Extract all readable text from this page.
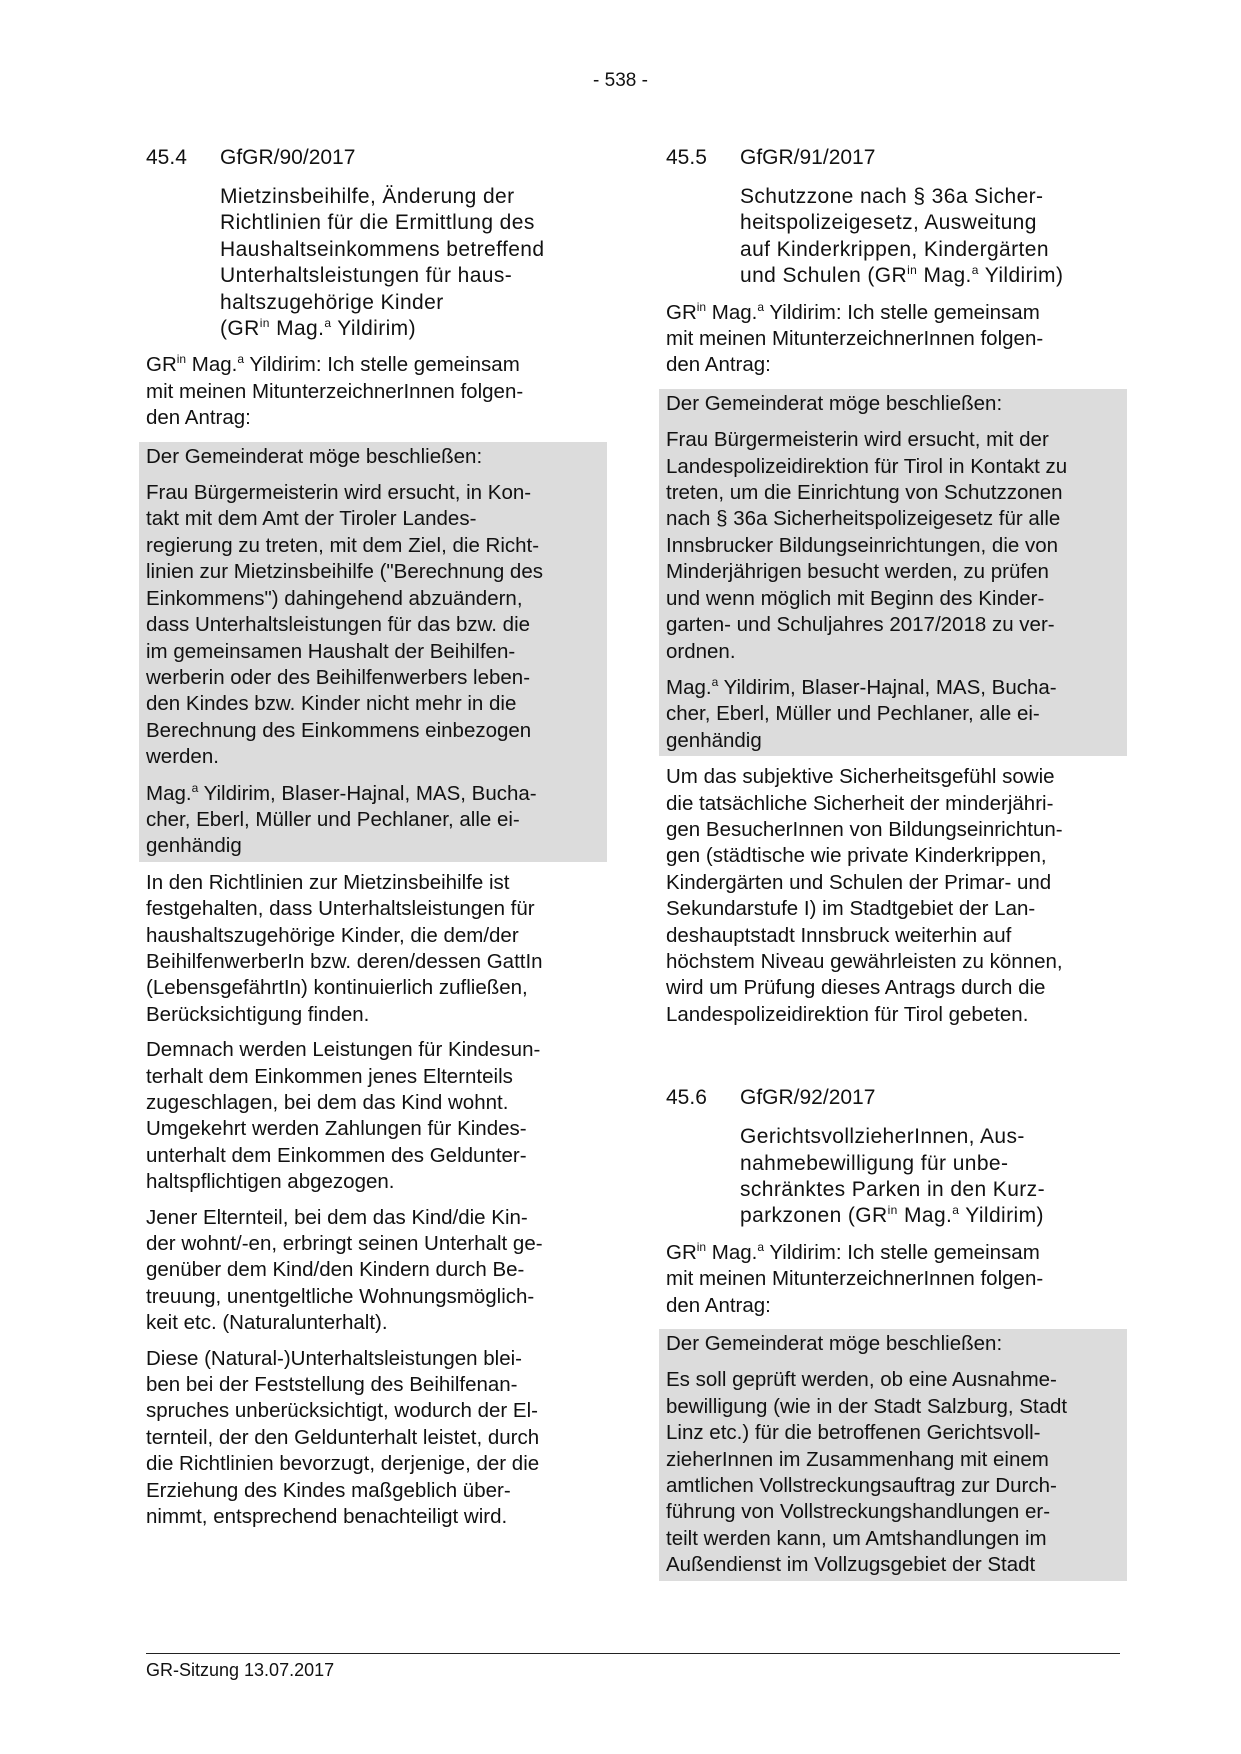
- 538 -
45.4 GfGR/90/2017
Mietzinsbeihilfe, Änderung der
Richtlinien für die Ermittlung des
Haushaltseinkommens betreffend
Unterhaltsleistungen für haus-
haltszugehörige Kinder
($GR^{in}$ Mag.$^a$ Yildirim)

$GR^{in}$ Mag.$^a$ Yildirim: Ich stelle gemeinsam
mit meinen MitunterzeichnerInnen folgen-
den Antrag:

Der Gemeinderat möge beschließen:

Frau Bürgermeisterin wird ersucht, in Kon-
takt mit dem Amt der Tiroler Landes-
regierung zu treten, mit dem Ziel, die Richt-
linien zur Mietzinsbeihilfe ("Berechnung des
Einkommens") dahingehend abzuändern,
dass Unterhaltsleistungen für das bzw. die
im gemeinsamen Haushalt der Beihilfen-
werberin oder des Beihilfenwerbers leben-
den Kindes bzw. Kinder nicht mehr in die
Berechnung des Einkommens einbezogen
werden.

Mag.$^a$ Yildirim, Blaser-Hajnal, MAS, Bucha-
cher, Eberl, Müller und Pechlaner, alle ei-
genhändig

In den Richtlinien zur Mietzinsbeihilfe ist
festgehalten, dass Unterhaltsleistungen für
haushaltszugehörige Kinder, die dem/der
BeihilfenwerberIn bzw. deren/dessen GattIn
(LebensgefährtIn) kontinuierlich zufließen,
Berücksichtigung finden.

Demnach werden Leistungen für Kindesun-
terhalt dem Einkommen jenes Elternteils
zugeschlagen, bei dem das Kind wohnt.
Umgekehrt werden Zahlungen für Kindes-
unterhalt dem Einkommen des Geldunter-
haltspflichtigen abgezogen.

Jener Elternteil, bei dem das Kind/die Kin-
der wohnt/-en, erbringt seinen Unterhalt ge-
genüber dem Kind/den Kindern durch Be-
treuung, unentgeltliche Wohnungsmöglich-
keit etc. (Naturalunterhalt).

Diese (Natural-)Unterhaltsleistungen blei-
ben bei der Feststellung des Beihilfenan-
spruches unberücksichtigt, wodurch der El-
ternteil, der den Geldunterhalt leistet, durch
die Richtlinien bevorzugt, derjenige, der die
Erziehung des Kindes maßgeblich über-
nimmt, entsprechend benachteiligt wird.

45.5 GfGR/91/2017
Schutzzone nach § 36a Sicher-
heitspolizeigesetz, Ausweitung
auf Kinderkrippen, Kindergärten
und Schulen ($GR^{in}$ Mag.$^a$ Yildirim)

$GR^{in}$ Mag.$^a$ Yildirim: Ich stelle gemeinsam
mit meinen MitunterzeichnerInnen folgen-
den Antrag:

Der Gemeinderat möge beschließen:

Frau Bürgermeisterin wird ersucht, mit der
Landespolizeidirektion für Tirol in Kontakt zu
treten, um die Einrichtung von Schutzzonen
nach § 36a Sicherheitspolizeigesetz für alle
Innsbrucker Bildungseinrichtungen, die von
Minderjährigen besucht werden, zu prüfen
und wenn möglich mit Beginn des Kinder-
garten- und Schuljahres 2017/2018 zu ver-
ordnen.

Mag.$^a$ Yildirim, Blaser-Hajnal, MAS, Bucha-
cher, Eberl, Müller und Pechlaner, alle ei-
genhändig

Um das subjektive Sicherheitsgefühl sowie
die tatsächliche Sicherheit der minderjähri-
gen BesucherInnen von Bildungseinrichtun-
gen (städtische wie private Kinderkrippen,
Kindergärten und Schulen der Primar- und
Sekundarstufe I) im Stadtgebiet der Lan-
deshauptstadt Innsbruck weiterhin auf
höchstem Niveau gewährleisten zu können,
wird um Prüfung dieses Antrags durch die
Landespolizeidirektion für Tirol gebeten.

45.6 GfGR/92/2017
GerichtsvollzieherInnen, Aus-
nahmebewilligung für unbe-
schränktes Parken in den Kurz-
parkzonen ($GR^{in}$ Mag.$^a$ Yildirim)

$GR^{in}$ Mag.$^a$ Yildirim: Ich stelle gemeinsam
mit meinen MitunterzeichnerInnen folgen-
den Antrag:

Der Gemeinderat möge beschließen:

Es soll geprüft werden, ob eine Ausnahme-
bewilligung (wie in der Stadt Salzburg, Stadt
Linz etc.) für die betroffenen Gerichtsvoll-
zieherInnen im Zusammenhang mit einem
amtlichen Vollstreckungsauftrag zur Durch-
führung von Vollstreckungshandlungen er-
teilt werden kann, um Amtshandlungen im
Außendienst im Vollzugsgebiet der Stadt

GR-Sitzung 13.07.2017
